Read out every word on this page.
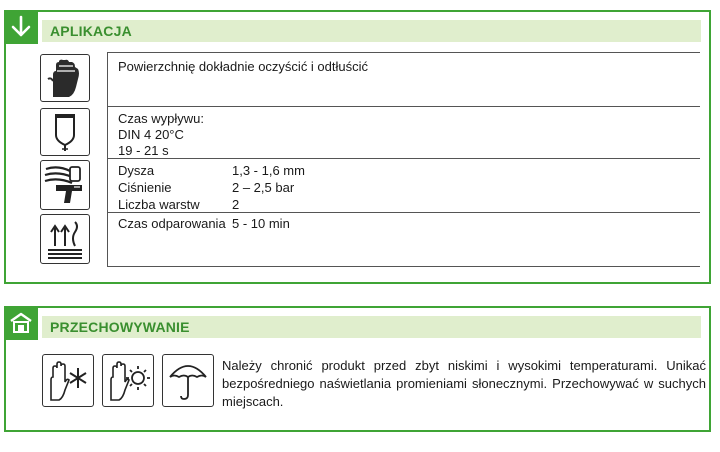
APLIKACJA
Powierzchnię dokładnie oczyścić i odtłuścić
Czas wypływu:
DIN 4 20°C
19 - 21 s
Dysza	1,3 - 1,6 mm
Ciśnienie	2 – 2,5 bar
Liczba warstw 2
Czas odparowania 5 - 10 min
PRZECHOWYWANIE
Należy chronić produkt przed zbyt niskimi i wysokimi temperaturami. Unikać bezpośredniego naświetlania promieniami słonecznymi. Przechowywać w suchych miejscach.
